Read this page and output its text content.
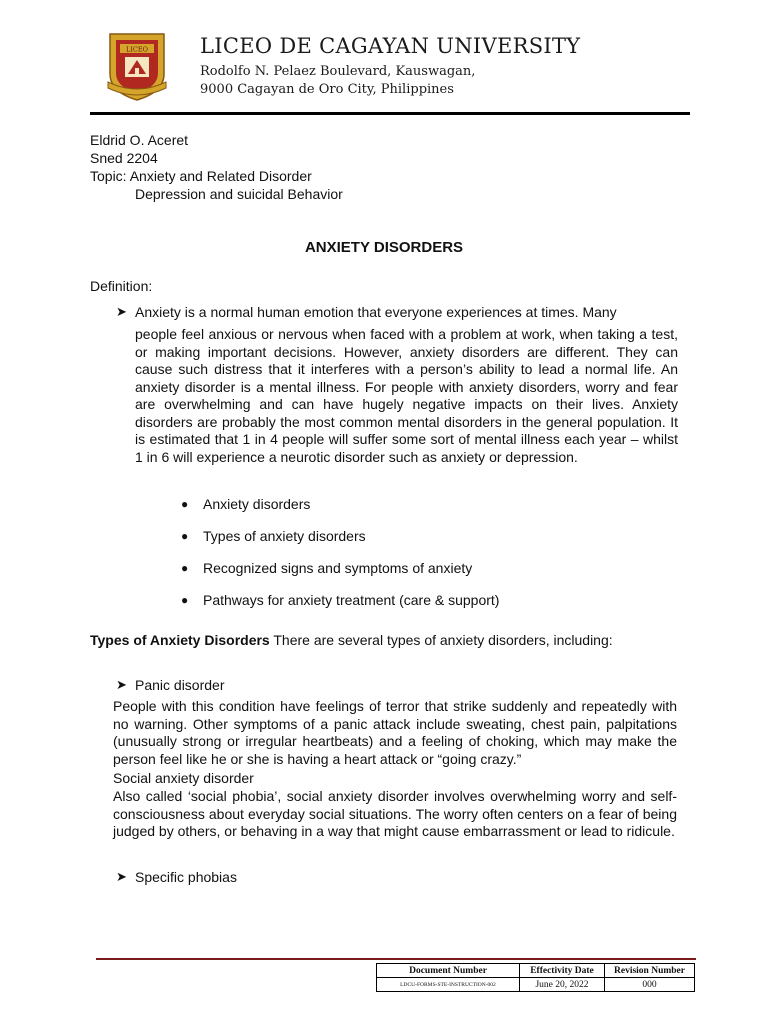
LICEO LICEO DE CAGAYAN UNIVERSITY
Rodolfo N. Pelaez Boulevard, Kauswagan,
9000 Cagayan de Oro City, Philippines
Eldrid O. Aceret
Sned 2204
Topic: Anxiety and Related Disorder
Depression and suicidal Behavior
ANXIETY DISORDERS
Definition:
➤ Anxiety is a normal human emotion that everyone experiences at times. Many
people feel anxious or nervous when faced with a problem at work, when taking a test, or making important decisions. However, anxiety disorders are different. They can cause such distress that it interferes with a person’s ability to lead a normal life. An anxiety disorder is a mental illness. For people with anxiety disorders, worry and fear are overwhelming and can have hugely negative impacts on their lives. Anxiety disorders are probably the most common mental disorders in the general population. It is estimated that 1 in 4 people will suffer some sort of mental illness each year – whilst 1 in 6 will experience a neurotic disorder such as anxiety or depression.
● Anxiety disorders
● Types of anxiety disorders
● Recognized signs and symptoms of anxiety
● Pathways for anxiety treatment (care & support)
Types of Anxiety Disorders There are several types of anxiety disorders, including:
➤ Panic disorder
People with this condition have feelings of terror that strike suddenly and repeatedly with no warning. Other symptoms of a panic attack include sweating, chest pain, palpitations (unusually strong or irregular heartbeats) and a feeling of choking, which may make the person feel like he or she is having a heart attack or “going crazy.”
Social anxiety disorder
Also called ‘social phobia’, social anxiety disorder involves overwhelming worry and self-consciousness about everyday social situations. The worry often centers on a fear of being judged by others, or behaving in a way that might cause embarrassment or lead to ridicule.
➤ Specific phobias
Document Number	Effectivity Date	Revision Number
LDCU-FORMS-STE-INSTRUCTION-002	June 20, 2022	000
